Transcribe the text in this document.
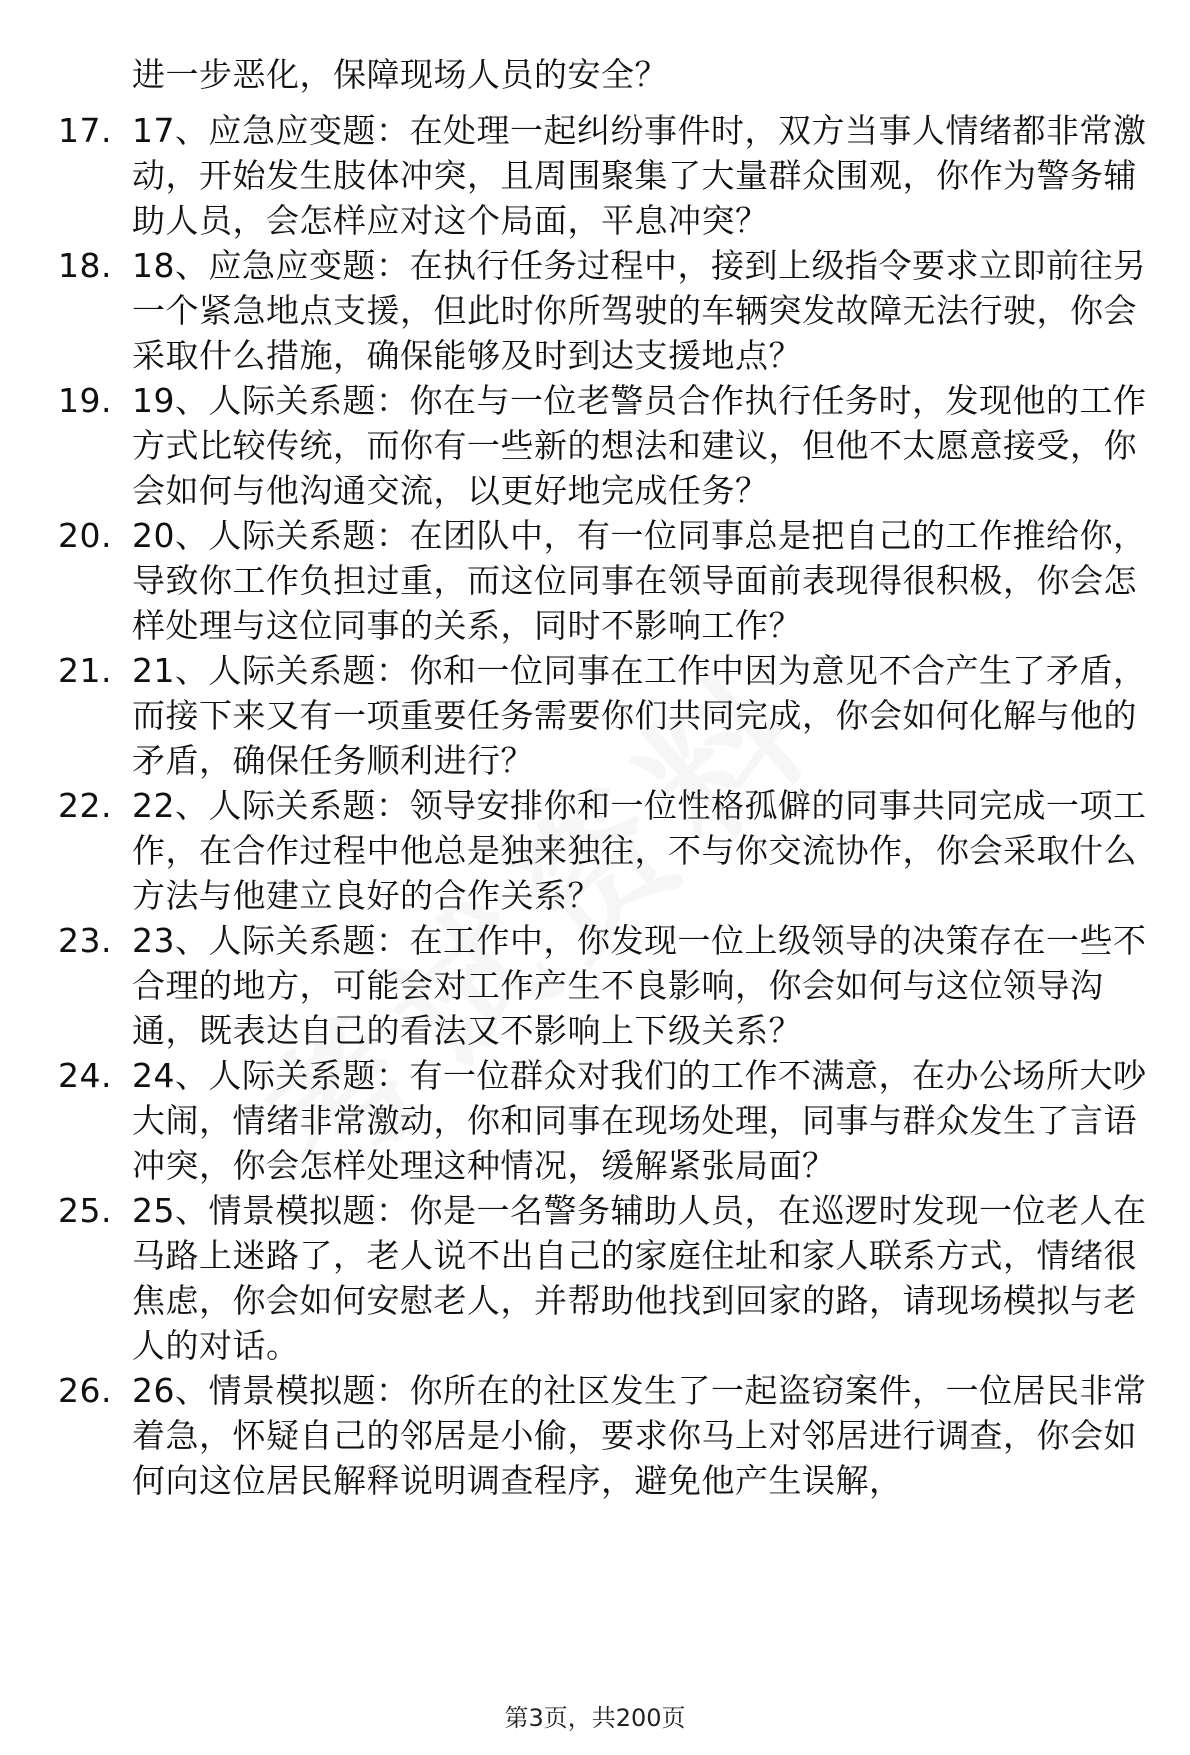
进一步恶化，保障现场人员的安全？
17. 17、应急应变题：在处理一起纠纷事件时，双方当事人情绪都非常激动，开始发生肢体冲突，且周围聚集了大量群众围观，你作为警务辅助人员，会怎样应对这个局面，平息冲突？
18. 18、应急应变题：在执行任务过程中，接到上级指令要求立即前往另一个紧急地点支援，但此时你所驾驶的车辆突发故障无法行驶，你会采取什么措施，确保能够及时到达支援地点？
19. 19、人际关系题：你在与一位老警员合作执行任务时，发现他的工作方式比较传统，而你有一些新的想法和建议，但他不太愿意接受，你会如何与他沟通交流，以更好地完成任务？
20. 20、人际关系题：在团队中，有一位同事总是把自己的工作推给你，导致你工作负担过重，而这位同事在领导面前表现得很积极，你会怎样处理与这位同事的关系，同时不影响工作？
21. 21、人际关系题：你和一位同事在工作中因为意见不合产生了矛盾，而接下来又有一项重要任务需要你们共同完成，你会如何化解与他的矛盾，确保任务顺利进行？
22. 22、人际关系题：领导安排你和一位性格孤僻的同事共同完成一项工作，在合作过程中他总是独来独往，不与你交流协作，你会采取什么方法与他建立良好的合作关系？
23. 23、人际关系题：在工作中，你发现一位上级领导的决策存在一些不合理的地方，可能会对工作产生不良影响，你会如何与这位领导沟通，既表达自己的看法又不影响上下级关系？
24. 24、人际关系题：有一位群众对我们的工作不满意，在办公场所大吵大闹，情绪非常激动，你和同事在现场处理，同事与群众发生了言语冲突，你会怎样处理这种情况，缓解紧张局面？
25. 25、情景模拟题：你是一名警务辅助人员，在巡逻时发现一位老人在马路上迷路了，老人说不出自己的家庭住址和家人联系方式，情绪很焦虑，你会如何安慰老人，并帮助他找到回家的路，请现场模拟与老人的对话。
26. 26、情景模拟题：你所在的社区发生了一起盗窃案件，一位居民非常着急，怀疑自己的邻居是小偷，要求你马上对邻居进行调查，你会如何向这位居民解释说明调查程序，避免他产生误解，
第3页，共200页
